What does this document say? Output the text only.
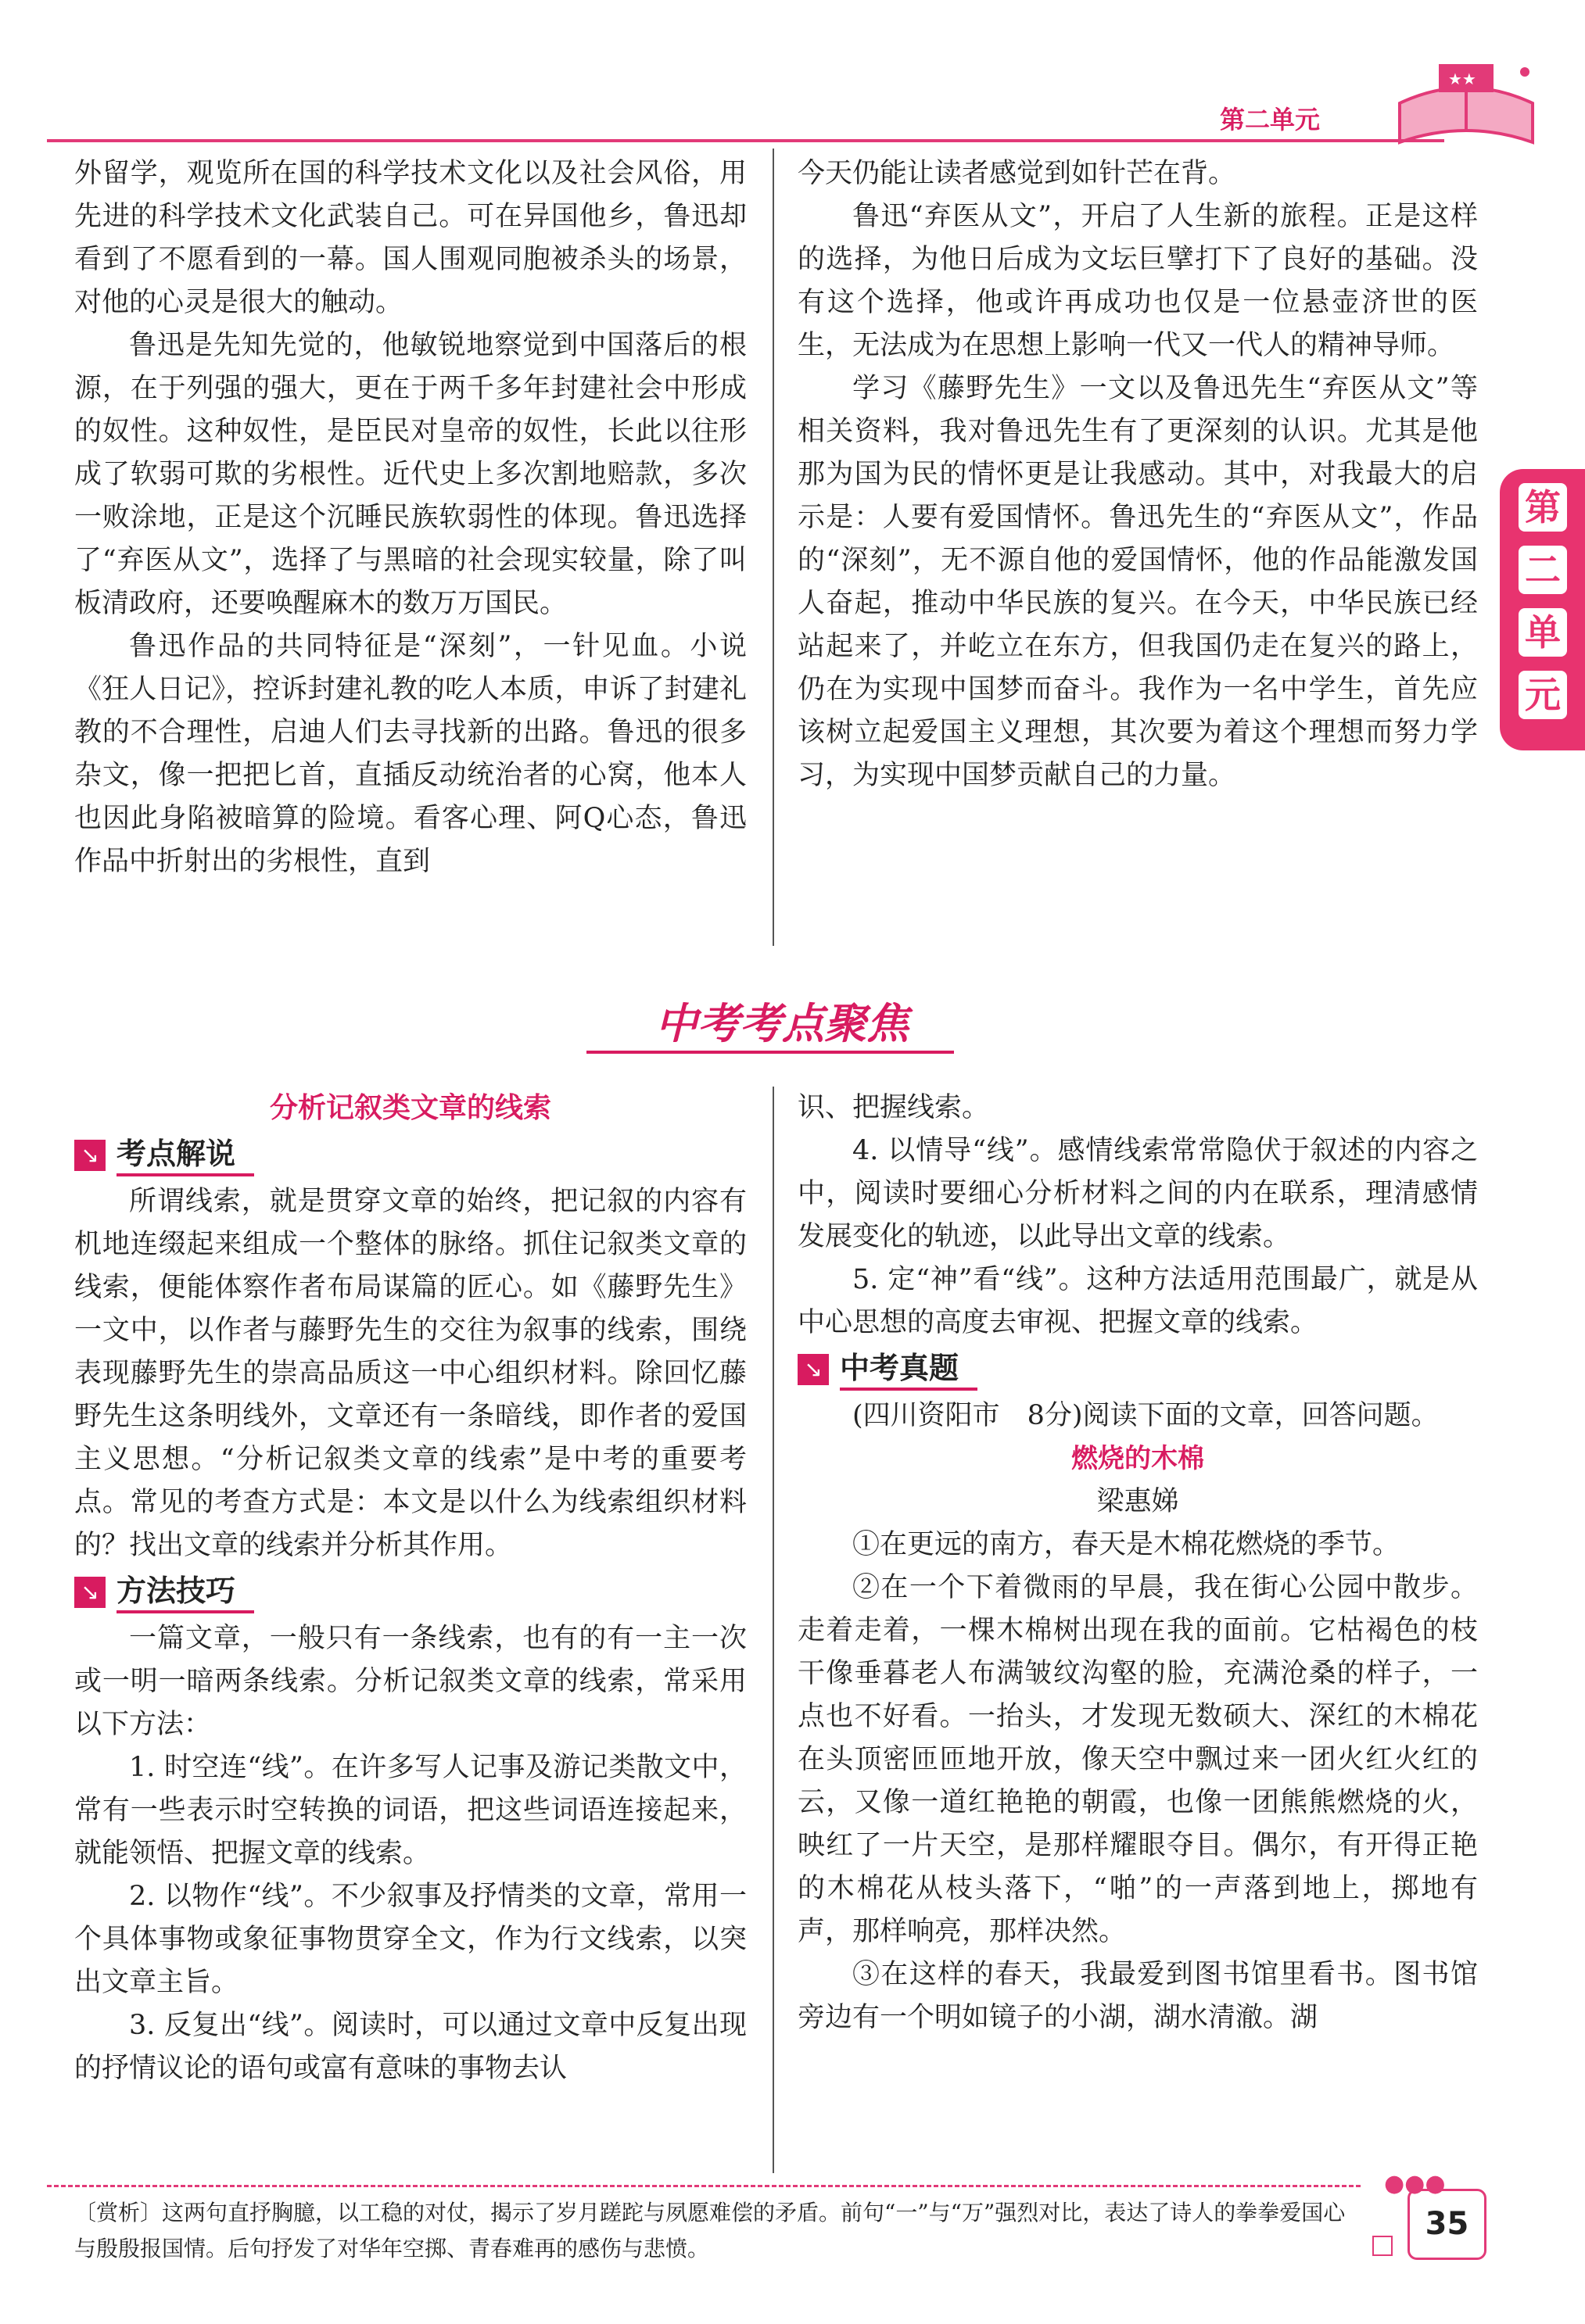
第二单元
★★
第
二
单
元

外留学，观览所在国的科学技术文化以及社会风俗，用先进的科学技术文化武装自己。可在异国他乡，鲁迅却看到了不愿看到的一幕。国人围观同胞被杀头的场景，对他的心灵是很大的触动。

鲁迅是先知先觉的，他敏锐地察觉到中国落后的根源，在于列强的强大，更在于两千多年封建社会中形成的奴性。这种奴性，是臣民对皇帝的奴性，长此以往形成了软弱可欺的劣根性。近代史上多次割地赔款，多次一败涂地，正是这个沉睡民族软弱性的体现。鲁迅选择了“弃医从文”，选择了与黑暗的社会现实较量，除了叫板清政府，还要唤醒麻木的数万万国民。

鲁迅作品的共同特征是“深刻”，一针见血。小说《狂人日记》，控诉封建礼教的吃人本质，申诉了封建礼教的不合理性，启迪人们去寻找新的出路。鲁迅的很多杂文，像一把把匕首，直插反动统治者的心窝，他本人也因此身陷被暗算的险境。看客心理、阿Q心态，鲁迅作品中折射出的劣根性，直到

今天仍能让读者感觉到如针芒在背。

鲁迅“弃医从文”，开启了人生新的旅程。正是这样的选择，为他日后成为文坛巨擘打下了良好的基础。没有这个选择，他或许再成功也仅是一位悬壶济世的医生，无法成为在思想上影响一代又一代人的精神导师。

学习《藤野先生》一文以及鲁迅先生“弃医从文”等相关资料，我对鲁迅先生有了更深刻的认识。尤其是他那为国为民的情怀更是让我感动。其中，对我最大的启示是：人要有爱国情怀。鲁迅先生的“弃医从文”，作品的“深刻”，无不源自他的爱国情怀，他的作品能激发国人奋起，推动中华民族的复兴。在今天，中华民族已经站起来了，并屹立在东方，但我国仍走在复兴的路上，仍在为实现中国梦而奋斗。我作为一名中学生，首先应该树立起爱国主义理想，其次要为着这个理想而努力学习，为实现中国梦贡献自己的力量。

中考考点聚焦
分析记叙类文章的线索
↘ 考点解说

所谓线索，就是贯穿文章的始终，把记叙的内容有机地连缀起来组成一个整体的脉络。抓住记叙类文章的线索，便能体察作者布局谋篇的匠心。如《藤野先生》一文中，以作者与藤野先生的交往为叙事的线索，围绕表现藤野先生的崇高品质这一中心组织材料。除回忆藤野先生这条明线外，文章还有一条暗线，即作者的爱国主义思想。“分析记叙类文章的线索”是中考的重要考点。常见的考查方式是：本文是以什么为线索组织材料的？找出文章的线索并分析其作用。

↘ 方法技巧

一篇文章，一般只有一条线索，也有的有一主一次或一明一暗两条线索。分析记叙类文章的线索，常采用以下方法：

1. 时空连“线”。在许多写人记事及游记类散文中，常有一些表示时空转换的词语，把这些词语连接起来，就能领悟、把握文章的线索。

2. 以物作“线”。不少叙事及抒情类的文章，常用一个具体事物或象征事物贯穿全文，作为行文线索，以突出文章主旨。

3. 反复出“线”。阅读时，可以通过文章中反复出现的抒情议论的语句或富有意味的事物去认

识、把握线索。

4. 以情导“线”。感情线索常常隐伏于叙述的内容之中，阅读时要细心分析材料之间的内在联系，理清感情发展变化的轨迹，以此导出文章的线索。

5. 定“神”看“线”。这种方法适用范围最广，就是从中心思想的高度去审视、把握文章的线索。

↘ 中考真题

(四川资阳市　8分)阅读下面的文章，回答问题。

燃烧的木棉
梁惠娣

①在更远的南方，春天是木棉花燃烧的季节。

②在一个下着微雨的早晨，我在街心公园中散步。走着走着，一棵木棉树出现在我的面前。它枯褐色的枝干像垂暮老人布满皱纹沟壑的脸，充满沧桑的样子，一点也不好看。一抬头，才发现无数硕大、深红的木棉花在头顶密匝匝地开放，像天空中飘过来一团火红火红的云，又像一道红艳艳的朝霞，也像一团熊熊燃烧的火，映红了一片天空，是那样耀眼夺目。偶尔，有开得正艳的木棉花从枝头落下，“啪”的一声落到地上，掷地有声，那样响亮，那样决然。

③在这样的春天，我最爱到图书馆里看书。图书馆旁边有一个明如镜子的小湖，湖水清澈。湖

●●●
〔赏析〕这两句直抒胸臆，以工稳的对仗，揭示了岁月蹉跎与夙愿难偿的矛盾。前句“一”与“万”强烈对比，表达了诗人的拳拳爱国心与殷殷报国情。后句抒发了对华年空掷、青春难再的感伤与悲愤。
35
